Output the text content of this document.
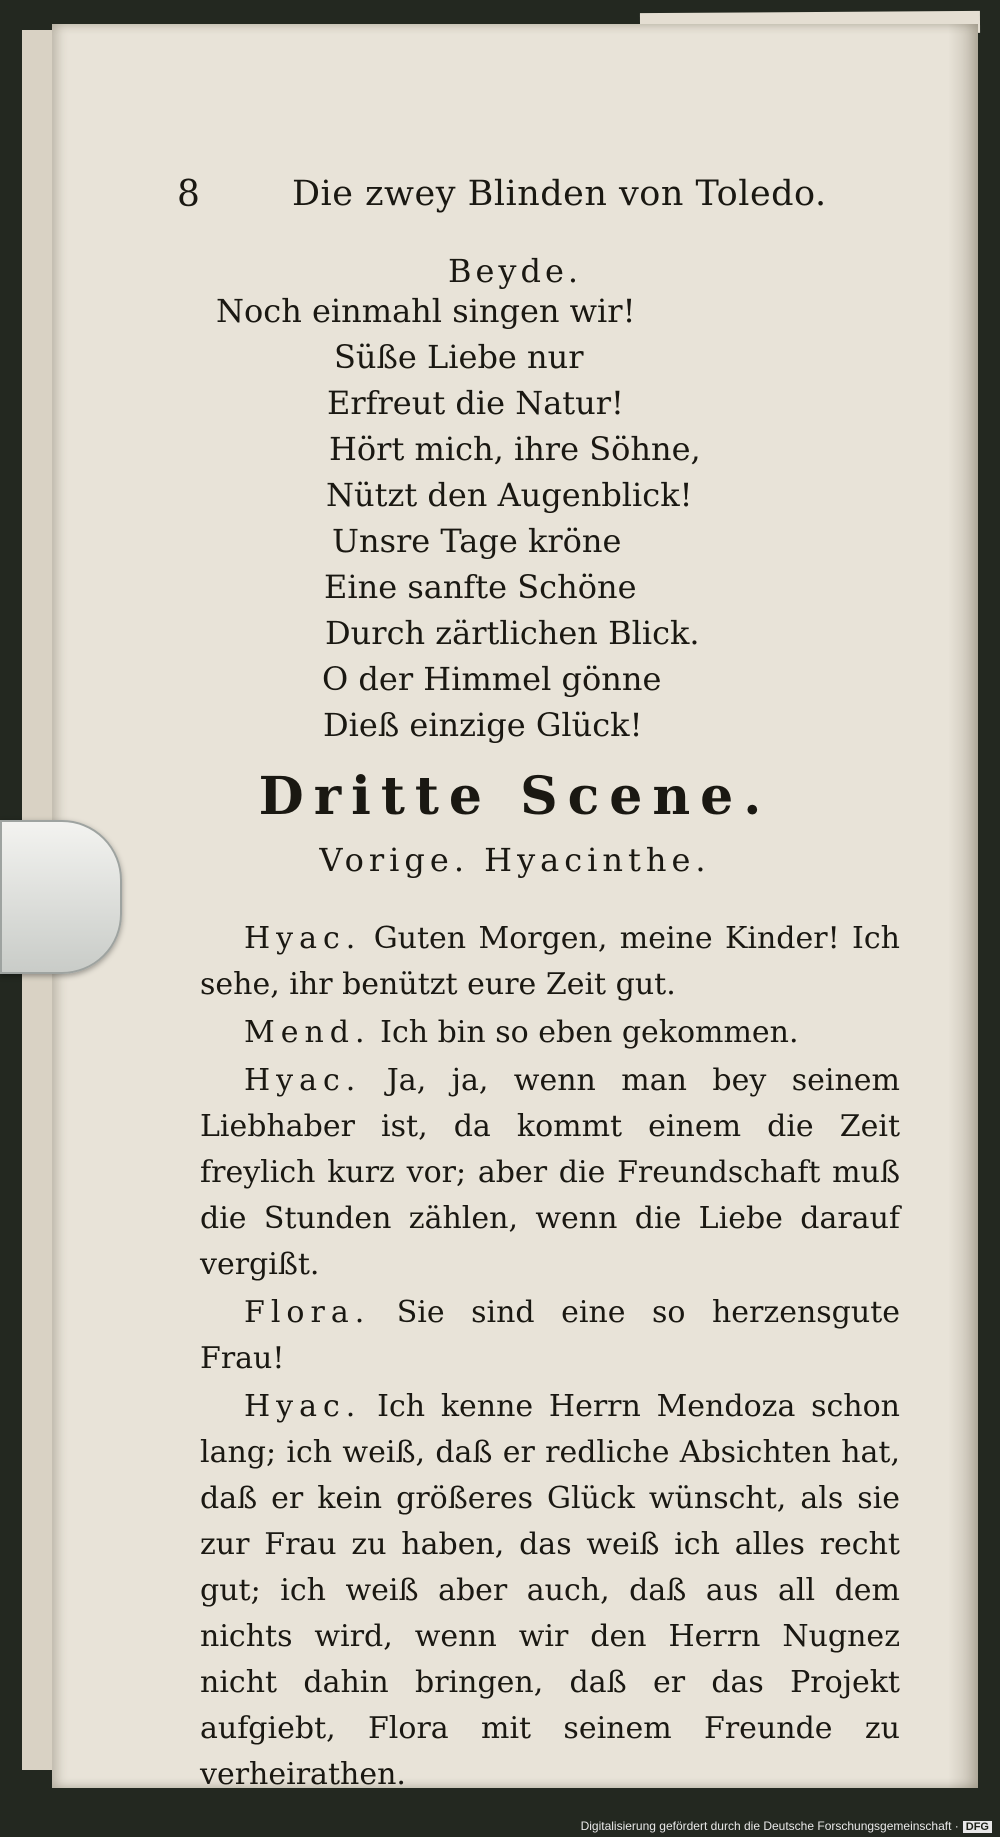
8	Die zwey Blinden von Toledo.
Beyde.
Noch einmahl singen wir!
Süße Liebe nur
Erfreut die Natur!
Hört mich, ihre Söhne,
Nützt den Augenblick!
Unsre Tage kröne
Eine sanfte Schöne
Durch zärtlichen Blick.
O der Himmel gönne
Dieß einzige Glück!
Dritte Scene.
Vorige. Hyacinthe.

Hyac. Guten Morgen, meine Kinder! Ich sehe, ihr benützt eure Zeit gut.

Mend. Ich bin so eben gekommen.

Hyac. Ja, ja, wenn man bey seinem Liebhaber ist, da kommt einem die Zeit freylich kurz vor; aber die Freundschaft muß die Stunden zählen, wenn die Liebe darauf vergißt.

Flora. Sie sind eine so herzensgute Frau!

Hyac. Ich kenne Herrn Mendoza schon lang; ich weiß, daß er redliche Absichten hat, daß er kein größeres Glück wünscht, als sie zur Frau zu haben, das weiß ich alles recht gut; ich weiß aber auch, daß aus all dem nichts wird, wenn wir den Herrn Nugnez nicht dahin bringen, daß er das Projekt aufgiebt, Flora mit seinem Freunde zu verheirathen.

Digitalisierung gefördert durch die Deutsche Forschungsgemeinschaft · DFG
